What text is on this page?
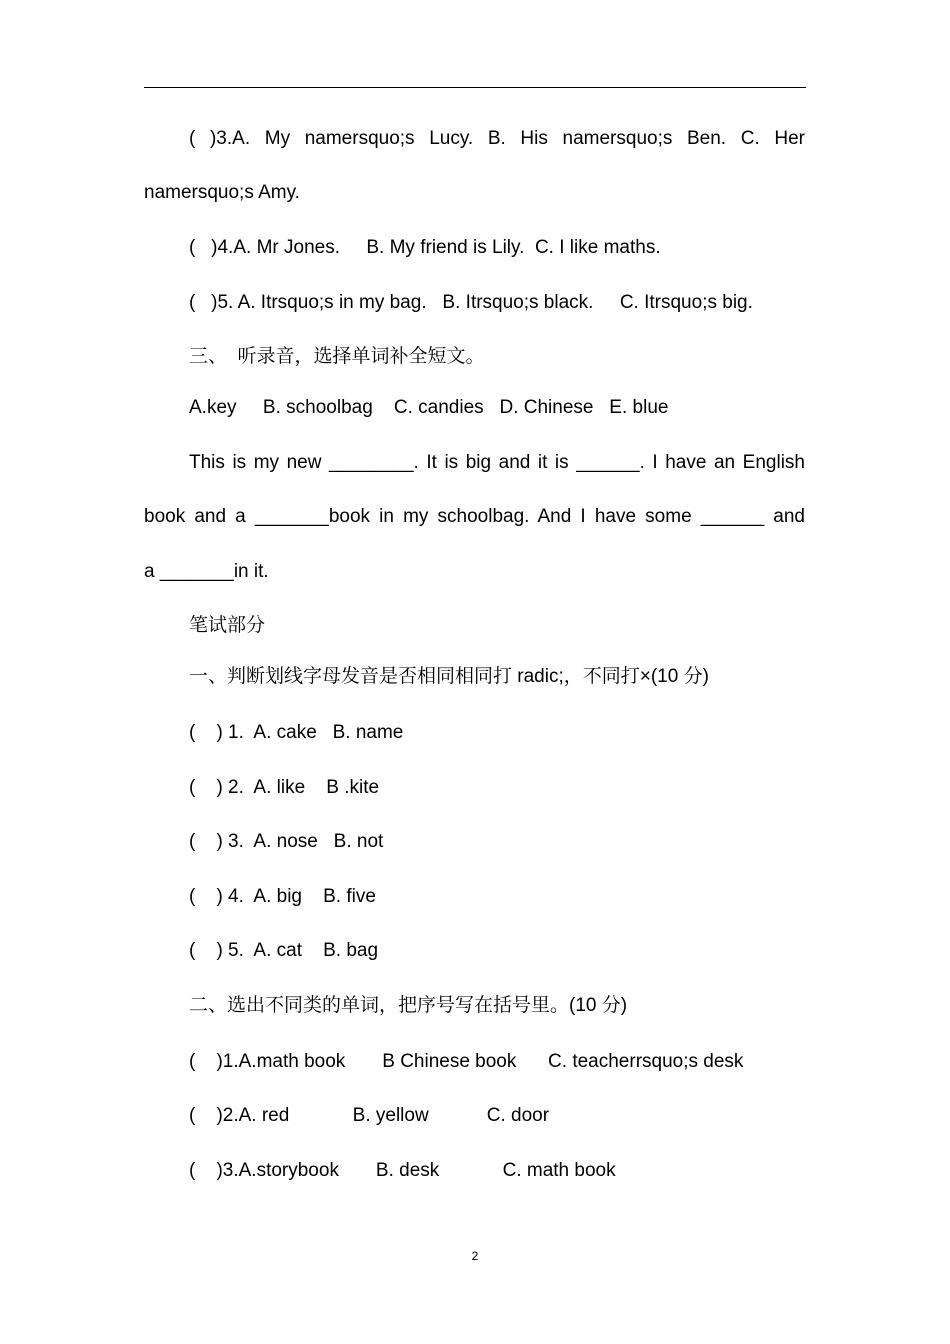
( )3.A. My namersquo;s Lucy. B. His namersquo;s Ben. C. Her
namersquo;s Amy.
(   )4.A. Mr Jones.     B. My friend is Lily.  C. I like maths.
(   )5. A. Itrsquo;s in my bag.   B. Itrsquo;s black.     C. Itrsquo;s big.
三、  听录音，选择单词补全短文。
A.key     B. schoolbag    C. candies   D. Chinese   E. blue
This is my new ________. It is big and it is ______. I have an English
book and a _______book in my schoolbag. And I have some ______ and
a _______in it.
笔试部分
一、判断划线字母发音是否相同相同打 radic;，不同打×(10 分)
(    ) 1.  A. cake   B. name
(    ) 2.  A. like    B .kite
(    ) 3.  A. nose   B. not
(    ) 4.  A. big    B. five
(    ) 5.  A. cat    B. bag
二、选出不同类的单词，把序号写在括号里。(10 分)
(    )1.A.math book       B Chinese book      C. teacherrsquo;s desk
(    )2.A. red            B. yellow           C. door
(    )3.A.storybook       B. desk            C. math book
2
